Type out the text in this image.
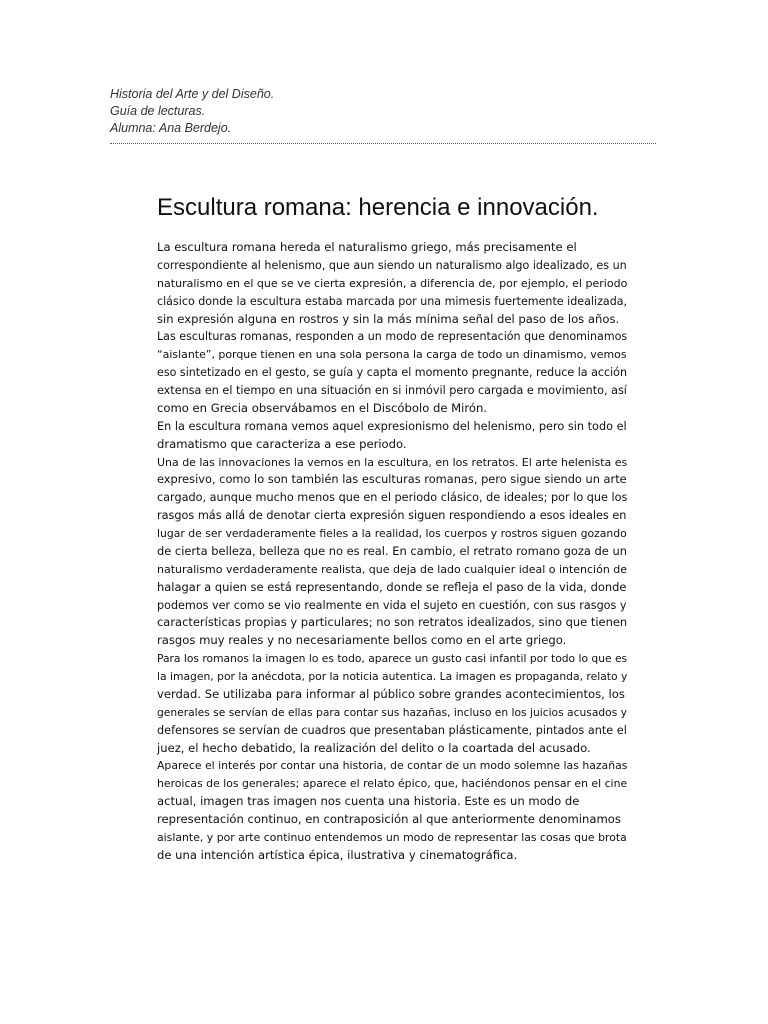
Historia del Arte y del Diseño.
Guía de lecturas.
Alumna: Ana Berdejo.
Escultura romana: herencia e innovación.
La escultura romana hereda el naturalismo griego, más precisamente el
correspondiente al helenismo, que aun siendo un naturalismo algo idealizado, es un
naturalismo en el que se ve cierta expresión, a diferencia de, por ejemplo, el periodo
clásico donde la escultura estaba marcada por una mimesis fuertemente idealizada,
sin expresión alguna en rostros y sin la más mínima señal del paso de los años.
Las esculturas romanas, responden a un modo de representación que denominamos
“aislante”, porque tienen en una sola persona la carga de todo un dinamismo, vemos
eso sintetizado en el gesto, se guía y capta el momento pregnante, reduce la acción
extensa en el tiempo en una situación en si inmóvil pero cargada e movimiento, así
como en Grecia observábamos en el Discóbolo de Mirón.
En la escultura romana vemos aquel expresionismo del helenismo, pero sin todo el
dramatismo que caracteriza a ese periodo.
Una de las innovaciones la vemos en la escultura, en los retratos. El arte helenista es
expresivo, como lo son también las esculturas romanas, pero sigue siendo un arte
cargado, aunque mucho menos que en el periodo clásico, de ideales; por lo que los
rasgos más allá de denotar cierta expresión siguen respondiendo a esos ideales en
lugar de ser verdaderamente fieles a la realidad, los cuerpos y rostros siguen gozando
de cierta belleza, belleza que no es real. En cambio, el retrato romano goza de un
naturalismo verdaderamente realista, que deja de lado cualquier ideal o intención de
halagar a quien se está representando, donde se refleja el paso de la vida, donde
podemos ver como se vio realmente en vida el sujeto en cuestión, con sus rasgos y
características propias y particulares; no son retratos idealizados, sino que tienen
rasgos muy reales y no necesariamente bellos como en el arte griego.
Para los romanos la imagen lo es todo, aparece un gusto casi infantil por todo lo que es
la imagen, por la anécdota, por la noticia autentica. La imagen es propaganda, relato y
verdad. Se utilizaba para informar al público sobre grandes acontecimientos, los
generales se servían de ellas para contar sus hazañas, incluso en los juicios acusados y
defensores se servían de cuadros que presentaban plásticamente, pintados ante el
juez, el hecho debatido, la realización del delito o la coartada del acusado.
Aparece el interés por contar una historia, de contar de un modo solemne las hazañas
heroicas de los generales; aparece el relato épico, que, haciéndonos pensar en el cine
actual, imagen tras imagen nos cuenta una historia. Este es un modo de
representación continuo, en contraposición al que anteriormente denominamos
aislante, y por arte continuo entendemos un modo de representar las cosas que brota
de una intención artística épica, ilustrativa y cinematográfica.
